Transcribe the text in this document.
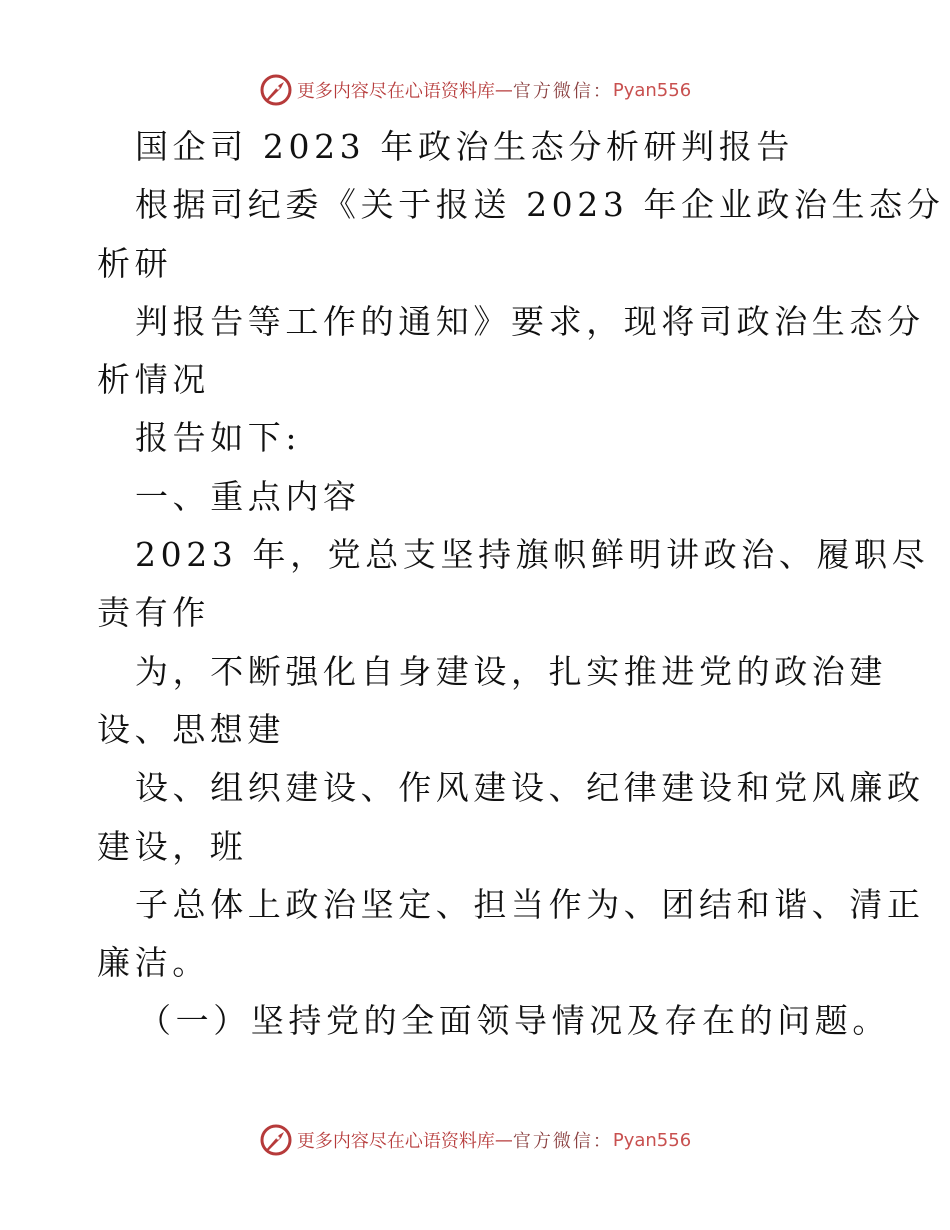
更多内容尽在心语资料库 — 官方微信： Pyan556
国企司 2023 年政治生态分析研判报告
根据司纪委《关于报送 2023 年企业政治生态分
析研
判报告等工作的通知》要求，现将司政治生态分
析情况
报告如下:
一、重点内容
2023 年，党总支坚持旗帜鲜明讲政治、履职尽
责有作
为，不断强化自身建设，扎实推进党的政治建
设、思想建
设、组织建设、作风建设、纪律建设和党风廉政
建设，班
子总体上政治坚定、担当作为、团结和谐、清正
廉洁。
（一）坚持党的全面领导情况及存在的问题。
更多内容尽在心语资料库 — 官方微信： Pyan556
